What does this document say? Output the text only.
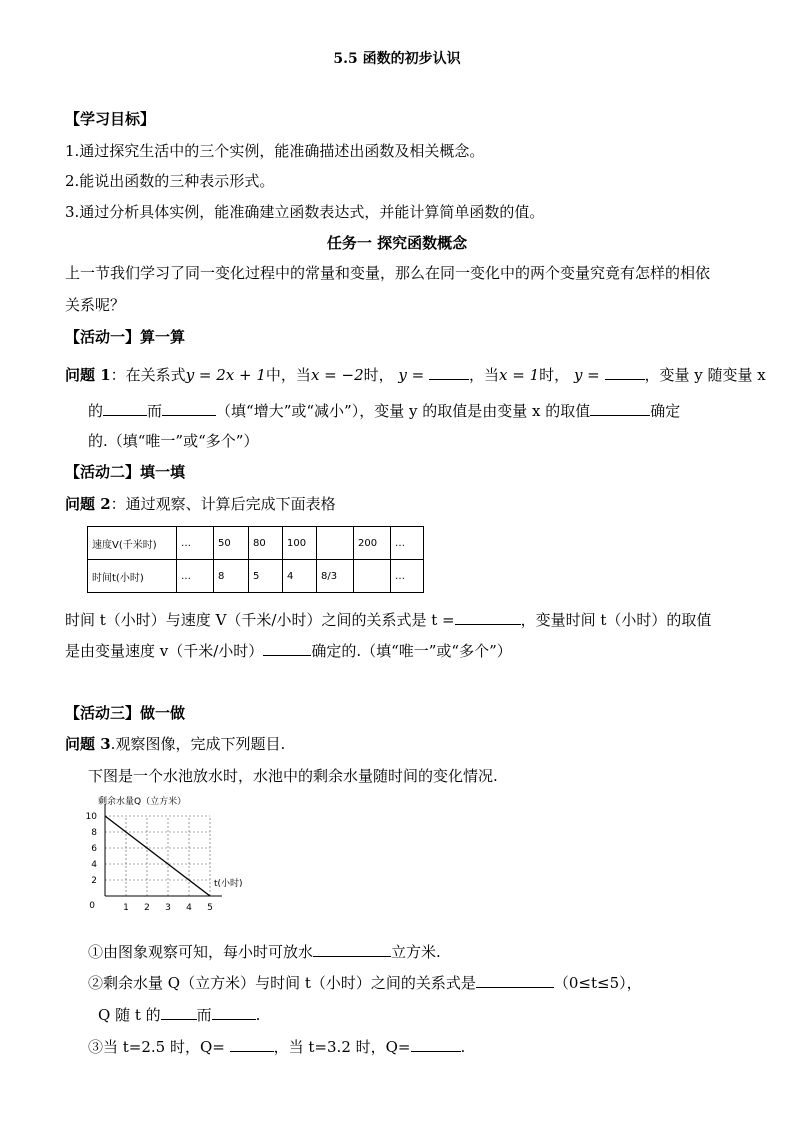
5.5 函数的初步认识
【学习目标】
1.通过探究生活中的三个实例，能准确描述出函数及相关概念。
2.能说出函数的三种表示形式。
3.通过分析具体实例，能准确建立函数表达式，并能计算简单函数的值。
任务一 探究函数概念
上一节我们学习了同一变化过程中的常量和变量，那么在同一变化中的两个变量究竟有怎样的相依
关系呢？
【活动一】算一算
问题 1：在关系式y = 2x + 1中，当x = −2时， y =	，当x = 1时， y =	，变量 y 随变量 x
的	而	（填“增大”或“减小”），变量 y 的取值是由变量 x 的取值	确定
的.（填“唯一”或“多个”）
【活动二】填一填
问题 2：通过观察、计算后完成下面表格
速度V(千米时)	…	50	80	100		200	…
时间t(小时)	…	8	5	4	8/3		…
时间 t（小时）与速度 V（千米/小时）之间的关系式是 t =	，变量时间 t（小时）的取值
是由变量速度 v（千米/小时）	确定的.（填“唯一”或“多个”）
【活动三】做一做
问题 3.观察图像，完成下列题目.
下图是一个水池放水时，水池中的剩余水量随时间的变化情况.
1 2 3 4 5
2
4
6
8
10
0
剩余水量Q（立方米）
t(小时)
①由图象观察可知，每小时可放水	立方米.
②剩余水量 Q（立方米）与时间 t（小时）之间的关系式是	（0≤t≤5），
Q 随 t 的 而	.
③当 t=2.5 时，Q=	，当 t=3.2 时，Q=	.
